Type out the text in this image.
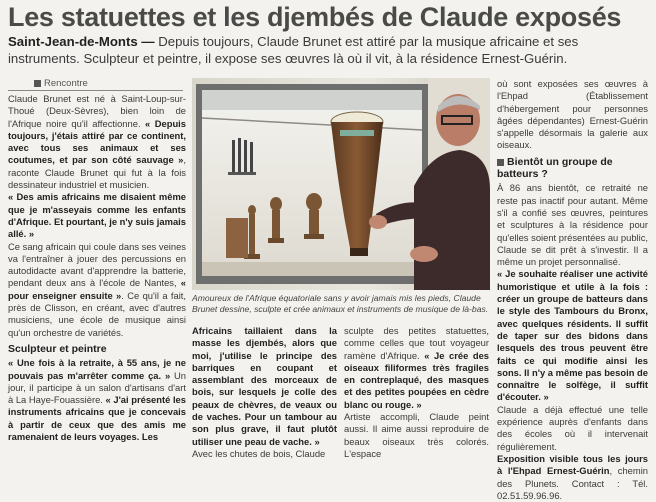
Les statuettes et les djembés de Claude exposés
Saint-Jean-de-Monts — Depuis toujours, Claude Brunet est attiré par la musique africaine et ses instruments. Sculpteur et peintre, il expose ses œuvres là où il vit, à la résidence Ernest-Guérin.
Rencontre

Claude Brunet est né à Saint-Loup-sur-Thoué (Deux-Sèvres), bien loin de l'Afrique noire qu'il affectionne. « Depuis toujours, j'étais attiré par ce continent, avec tous ses animaux et ses coutumes, et par son côté sauvage », raconte Claude Brunet qui fut à la fois dessinateur industriel et musicien.

« Des amis africains me disaient même que je m'asseyais comme les enfants d'Afrique. Et pourtant, je n'y suis jamais allé. »

Ce sang africain qui coule dans ses veines va l'entraîner à jouer des percussions en autodidacte avant d'apprendre la batterie, pendant deux ans à l'école de Nantes, « pour enseigner ensuite ». Ce qu'il a fait, près de Clisson, en créant, avec d'autres musiciens, une école de musique ainsi qu'un orchestre de variétés.

Sculpteur et peintre

« Une fois à la retraite, à 55 ans, je ne pouvais pas m'arrêter comme ça. » Un jour, il participe à un salon d'artisans d'art à La Haye-Fouassière. « J'ai présenté les instruments africains que je concevais à partir de ceux que des amis me ramenaient de leurs voyages. Les

Amoureux de l'Afrique équatoriale sans y avoir jamais mis les pieds, Claude Brunet dessine, sculpte et crée animaux et instruments de musique de là-bas.

Africains taillaient dans la masse les djembés, alors que moi, j'utilise le principe des barriques en coupant et assemblant des morceaux de bois, sur lesquels je colle des peaux de chèvres, de veaux ou de vaches. Pour un tambour au son plus grave, il faut plutôt utiliser une peau de vache. »

Avec les chutes de bois, Claude

sculpte des petites statuettes, comme celles que tout voyageur ramène d'Afrique. « Je crée des oiseaux filiformes très fragiles en contreplaqué, des masques et des petites poupées en cèdre blanc ou rouge. »

Artiste accompli, Claude peint aussi. Il aime aussi reproduire de beaux oiseaux très colorés. L'espace

où sont exposées ses œuvres à l'Ehpad (Établissement d'hébergement pour personnes âgées dépendantes) Ernest-Guérin s'appelle désormais la galerie aux oiseaux.

Bientôt un groupe de batteurs ?

À 86 ans bientôt, ce retraité ne reste pas inactif pour autant. Même s'il a confié ses œuvres, peintures et sculptures à la résidence pour qu'elles soient présentées au public, Claude se dit prêt à s'investir. Il a même un projet personnalisé.

« Je souhaite réaliser une activité humoristique et utile à la fois : créer un groupe de batteurs dans le style des Tambours du Bronx, avec quelques résidents. Il suffit de taper sur des bidons dans lesquels des trous peuvent être faits ce qui modifie ainsi les sons. Il n'y a même pas besoin de connaître le solfège, il suffit d'écouter. »

Claude a déjà effectué une telle expérience auprès d'enfants dans des écoles où il intervenait régulièrement.

Exposition visible tous les jours à l'Ehpad Ernest-Guérin, chemin des Plunets. Contact : Tél. 02.51.59.96.96.
